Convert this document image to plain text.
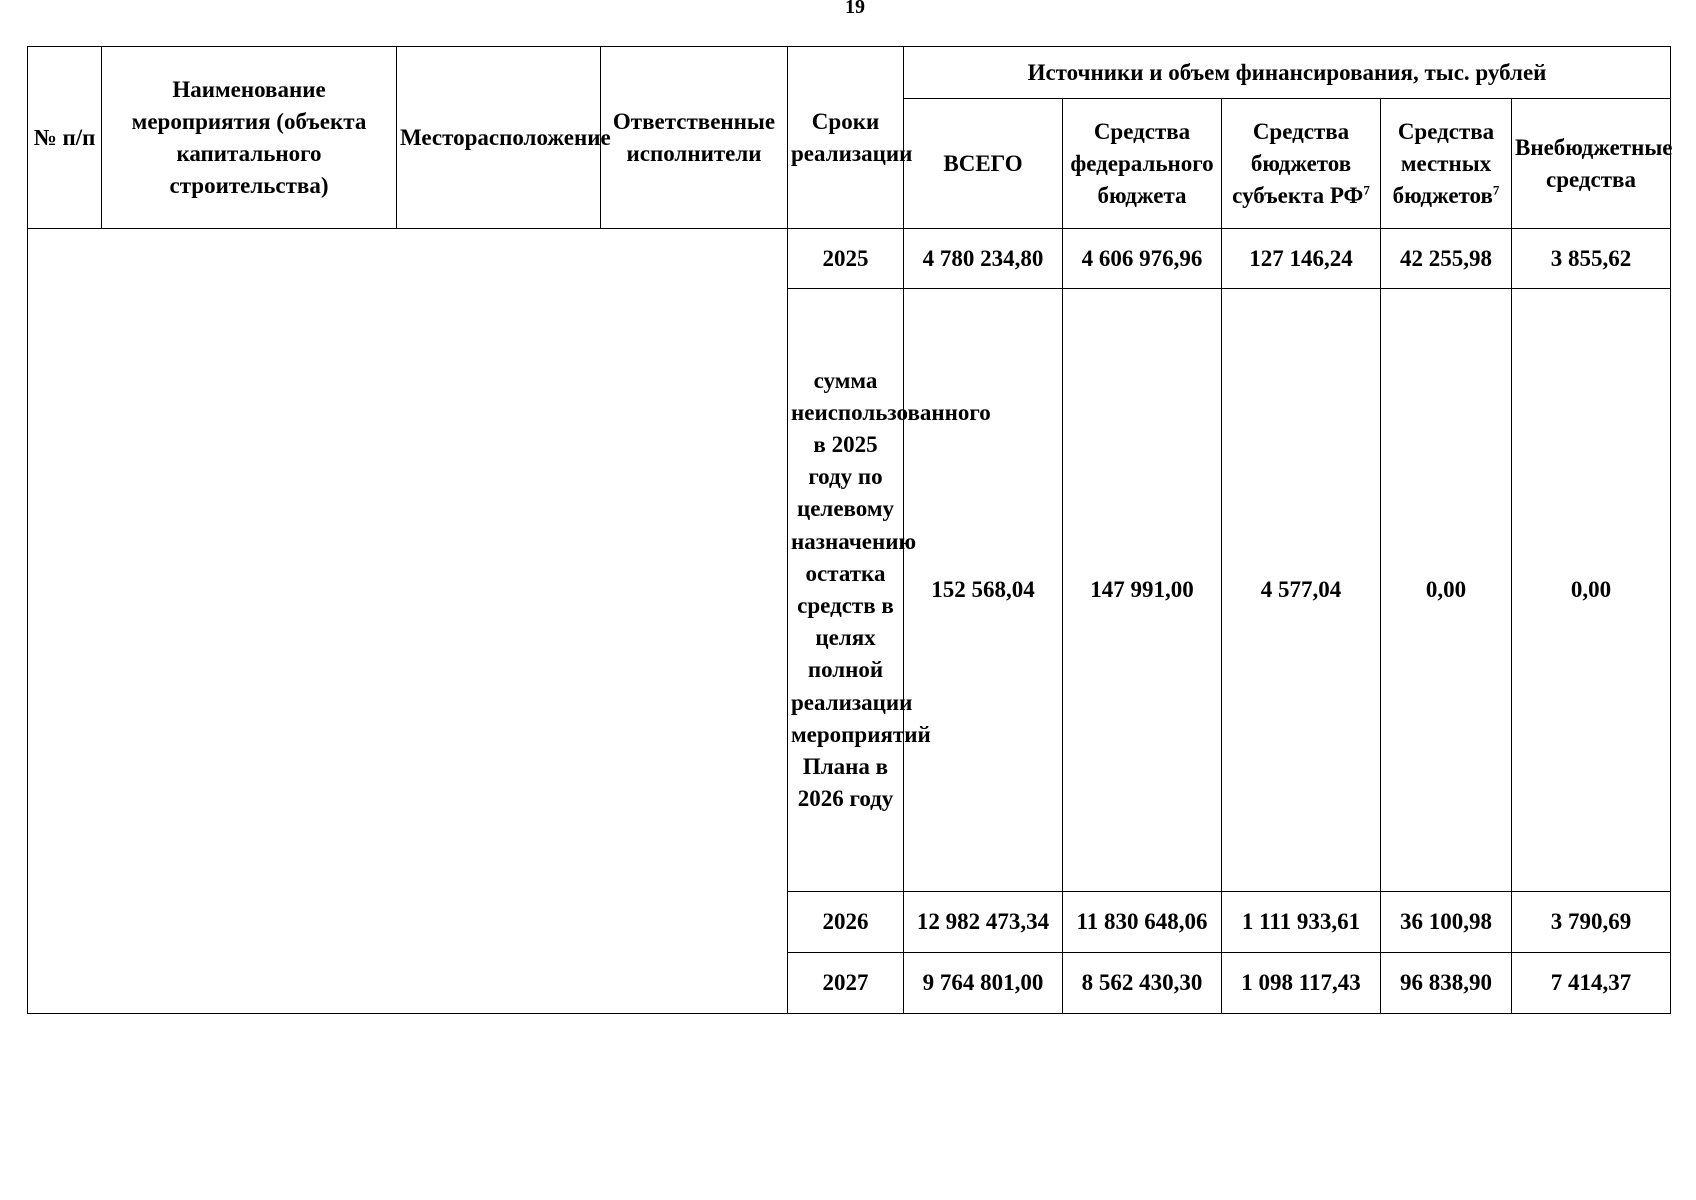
19
№ п/п	Наименование мероприятия (объекта капитального строительства)	Месторасположение	Ответственные исполнители	Сроки реализации	Источники и объем финансирования, тыс. рублей				
					ВСЕГО	Средства федерального бюджета	Средства бюджетов субъекта $РФ^7$	Средства местных бюджетов$^7$	Внебюджетные средства
				2025	4 780 234,80	4 606 976,96	127 146,24	42 255,98	3 855,62
				сумма неиспользованного в 2025 году по целевому назначению остатка средств в целях полной реализации мероприятий Плана в 2026 году	152 568,04	147 991,00	4 577,04	0,00	0,00
				2026	12 982 473,34	11 830 648,06	1 111 933,61	36 100,98	3 790,69
				2027	9 764 801,00	8 562 430,30	1 098 117,43	96 838,90	7 414,37
